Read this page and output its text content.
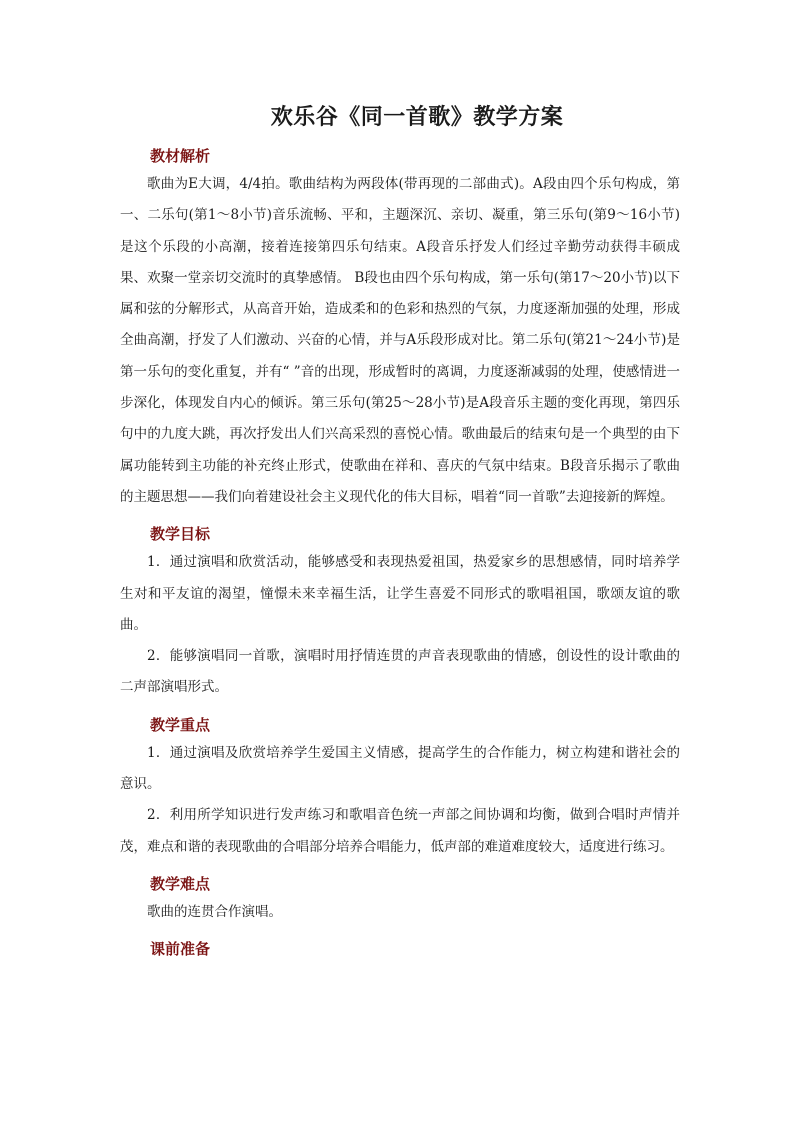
欢乐谷《同一首歌》教学方案
教材解析

歌曲为E大调，4/4拍。歌曲结构为两段体(带再现的二部曲式)。A段由四个乐句构成，第一、二乐句(第1～8小节)音乐流畅、平和，主题深沉、亲切、凝重，第三乐句(第9～16小节)是这个乐段的小高潮，接着连接第四乐句结束。A段音乐抒发人们经过辛勤劳动获得丰硕成果、欢聚一堂亲切交流时的真挚感情。 B段也由四个乐句构成，第一乐句(第17～20小节)以下属和弦的分解形式，从高音开始，造成柔和的色彩和热烈的气氛，力度逐渐加强的处理，形成全曲高潮，抒发了人们激动、兴奋的心情，并与A乐段形成对比。第二乐句(第21～24小节)是第一乐句的变化重复，并有“ ”音的出现，形成暂时的离调，力度逐渐减弱的处理，使感情进一步深化，体现发自内心的倾诉。第三乐句(第25～28小节)是A段音乐主题的变化再现，第四乐句中的九度大跳，再次抒发出人们兴高采烈的喜悦心情。歌曲最后的结束句是一个典型的由下属功能转到主功能的补充终止形式，使歌曲在祥和、喜庆的气氛中结束。B段音乐揭示了歌曲的主题思想——我们向着建设社会主义现代化的伟大目标，唱着“同一首歌”去迎接新的辉煌。

教学目标

1．通过演唱和欣赏活动，能够感受和表现热爱祖国，热爱家乡的思想感情，同时培养学生对和平友谊的渴望，憧憬未来幸福生活，让学生喜爱不同形式的歌唱祖国，歌颂友谊的歌曲。

2．能够演唱同一首歌，演唱时用抒情连贯的声音表现歌曲的情感，创设性的设计歌曲的二声部演唱形式。

教学重点

1．通过演唱及欣赏培养学生爱国主义情感，提高学生的合作能力，树立构建和谐社会的意识。

2．利用所学知识进行发声练习和歌唱音色统一声部之间协调和均衡，做到合唱时声情并茂，难点和谐的表现歌曲的合唱部分培养合唱能力，低声部的难道难度较大，适度进行练习。

教学难点

歌曲的连贯合作演唱。

课前准备
